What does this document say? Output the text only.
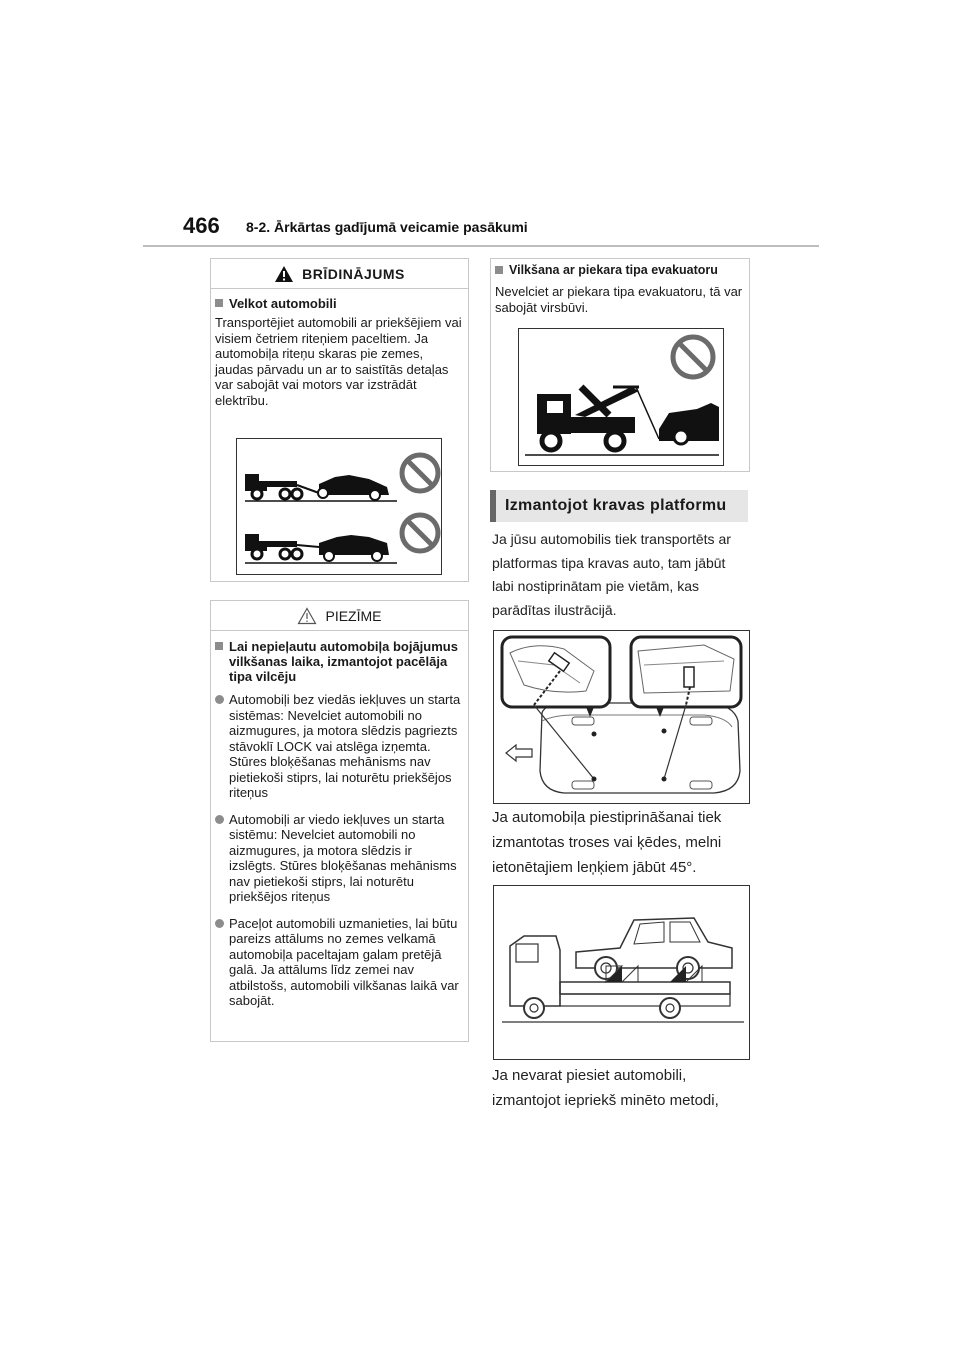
466 8-2. Ārkārtas gadījumā veicamie pasākumi
BRĪDINĀJUMS
Velkot automobili
Transportējiet automobili ar priekšējiem vai visiem četriem riteņiem paceltiem. Ja automobiļa riteņu skaras pie zemes, jaudas pārvadu un ar to saistītās detaļas var sabojāt vai motors var izstrādāt elektrību.
PIEZĪME
Lai nepieļautu automobiļa bojājumus vilkšanas laika, izmantojot pacēlāja tipa vilcēju
Automobiļi bez viedās iekļuves un starta sistēmas: Nevelciet automobili no aizmugures, ja motora slēdzis pagriezts stāvoklī LOCK vai atslēga izņemta. Stūres bloķēšanas mehānisms nav pietiekoši stiprs, lai noturētu priekšējos riteņus
Automobiļi ar viedo iekļuves un starta sistēmu: Nevelciet automobili no aizmugures, ja motora slēdzis ir izslēgts. Stūres bloķēšanas mehānisms nav pietiekoši stiprs, lai noturētu priekšējos riteņus
Paceļot automobili uzmanieties, lai būtu pareizs attālums no zemes velkamā automobiļa paceltajam galam pretējā galā. Ja attālums līdz zemei nav atbilstošs, automobili vilkšanas laikā var sabojāt.
Vilkšana ar piekara tipa evakuatoru
Nevelciet ar piekara tipa evakuatoru, tā var sabojāt virsbūvi.
Izmantojot kravas platformu
Ja jūsu automobilis tiek transportēts ar
platformas tipa kravas auto, tam jābūt
labi nostiprinātam pie vietām, kas
parādītas ilustrācijā.
Ja automobiļa piestiprināšanai tiek
izmantotas troses vai ķēdes, melni
ietonētajiem leņķiem jābūt 45°.
Ja nevarat piesiet automobili,
izmantojot iepriekš minēto metodi,
